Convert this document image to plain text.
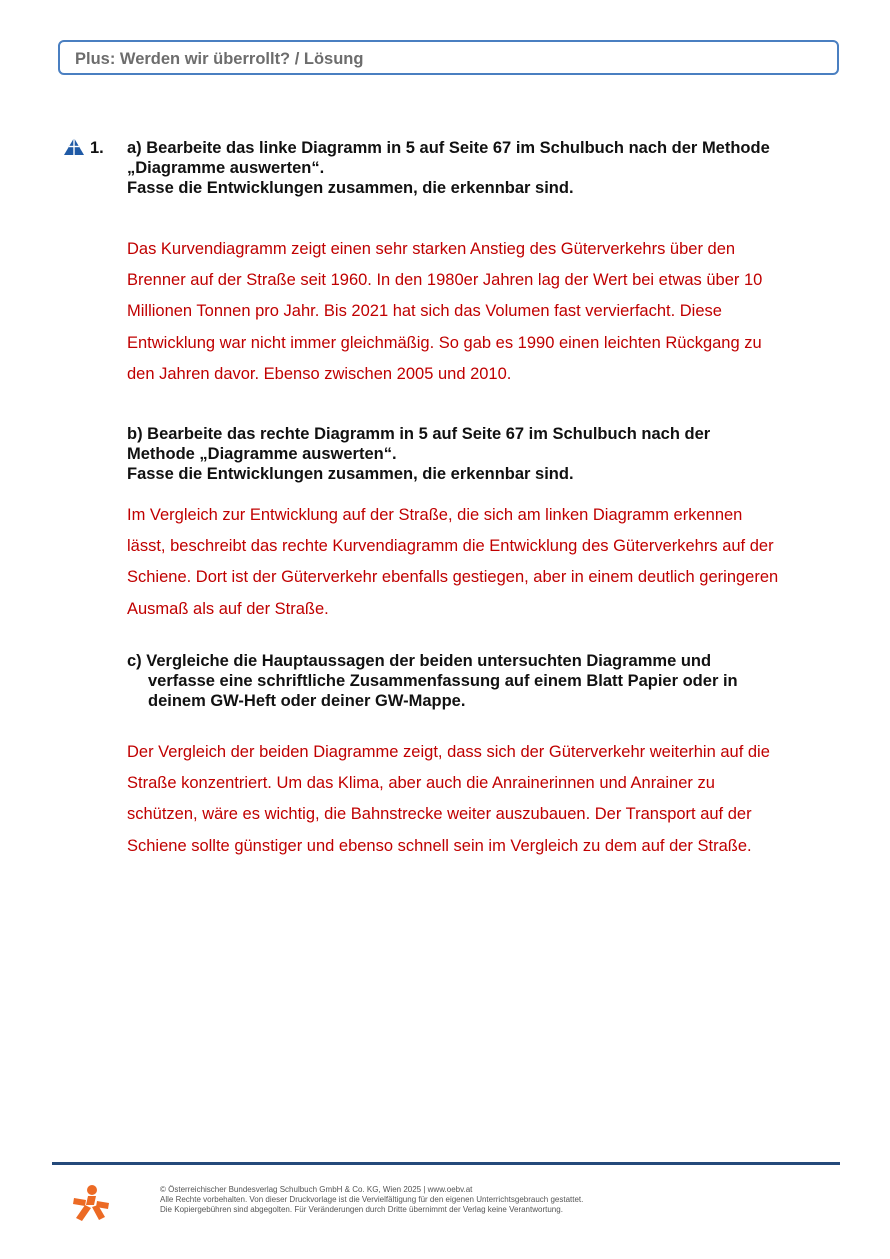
Plus: Werden wir überrollt? / Lösung
1. a) Bearbeite das linke Diagramm in 5 auf Seite 67 im Schulbuch nach der Methode
„Diagramme auswerten“.
Fasse die Entwicklungen zusammen, die erkennbar sind.
Das Kurvendiagramm zeigt einen sehr starken Anstieg des Güterverkehrs über den
Brenner auf der Straße seit 1960. In den 1980er Jahren lag der Wert bei etwas über 10
Millionen Tonnen pro Jahr. Bis 2021 hat sich das Volumen fast vervierfacht. Diese
Entwicklung war nicht immer gleichmäßig. So gab es 1990 einen leichten Rückgang zu
den Jahren davor. Ebenso zwischen 2005 und 2010.
b) Bearbeite das rechte Diagramm in 5 auf Seite 67 im Schulbuch nach der
Methode „Diagramme auswerten“.
Fasse die Entwicklungen zusammen, die erkennbar sind.
Im Vergleich zur Entwicklung auf der Straße, die sich am linken Diagramm erkennen
lässt, beschreibt das rechte Kurvendiagramm die Entwicklung des Güterverkehrs auf der
Schiene. Dort ist der Güterverkehr ebenfalls gestiegen, aber in einem deutlich geringeren
Ausmaß als auf der Straße.
c) Vergleiche die Hauptaussagen der beiden untersuchten Diagramme und
verfasse eine schriftliche Zusammenfassung auf einem Blatt Papier oder in
deinem GW-Heft oder deiner GW-Mappe.
Der Vergleich der beiden Diagramme zeigt, dass sich der Güterverkehr weiterhin auf die
Straße konzentriert. Um das Klima, aber auch die Anrainerinnen und Anrainer zu
schützen, wäre es wichtig, die Bahnstrecke weiter auszubauen. Der Transport auf der
Schiene sollte günstiger und ebenso schnell sein im Vergleich zu dem auf der Straße.
© Österreichischer Bundesverlag Schulbuch GmbH & Co. KG, Wien 2025 | www.oebv.at
Alle Rechte vorbehalten. Von dieser Druckvorlage ist die Vervielfältigung für den eigenen Unterrichtsgebrauch gestattet.
Die Kopiergebühren sind abgegolten. Für Veränderungen durch Dritte übernimmt der Verlag keine Verantwortung.
